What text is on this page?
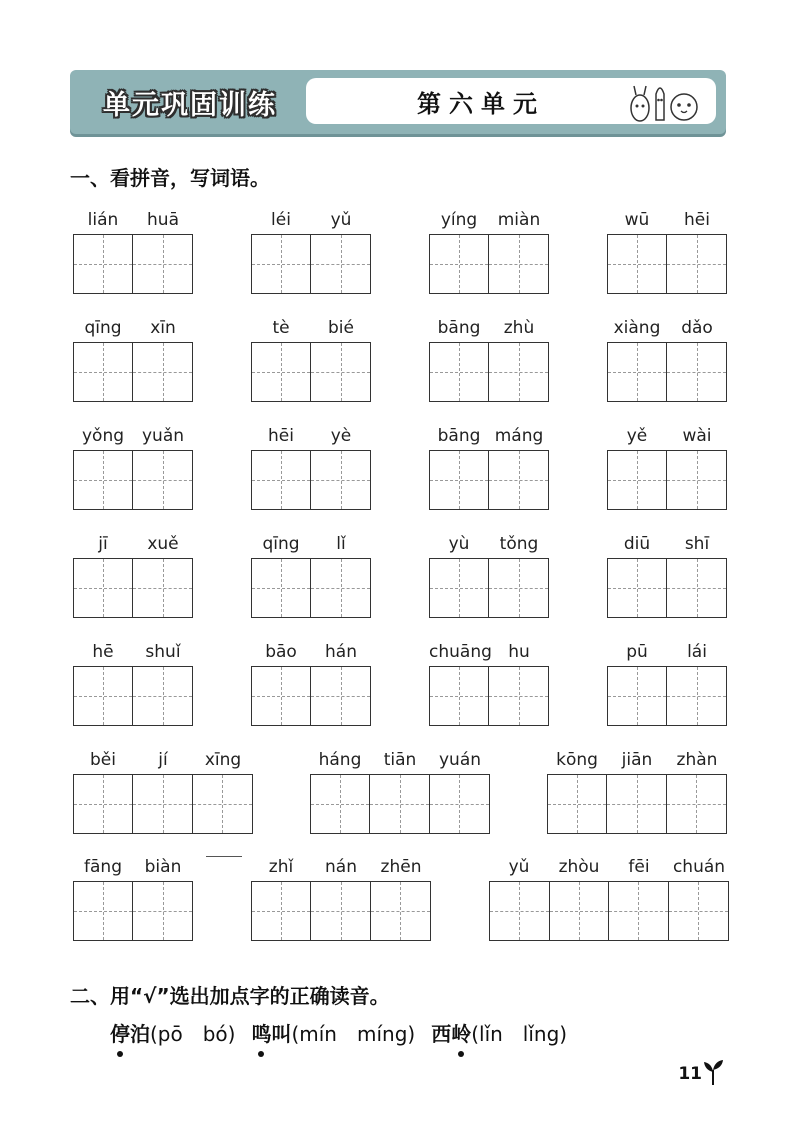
单元巩固训练	第六单元
一、看拼音，写词语。
lián	huā	léi	yǔ	yíng	miàn	wū	hēi
qīng	xīn	tè	bié	bāng	zhù	xiàng	dǎo
yǒng	yuǎn	hēi	yè	bāng máng	yě	wài
jī	xuě	qīng	lǐ	yù	tǒng	diū	shī
hē	shuǐ	bāo	hán	chuāng hu	pū	lái
běi	jí	xīng	háng	tiān	yuán	kōng	jiān	zhàn
fāng	biàn	zhǐ	nán	zhēn	yǔ	zhòu	fēi	chuán
二、用“√”选出加点字的正确读音。
停泊 (pō　bó) 鸣叫 (mín　míng) 西岭 (lǐn　lǐng)
11
